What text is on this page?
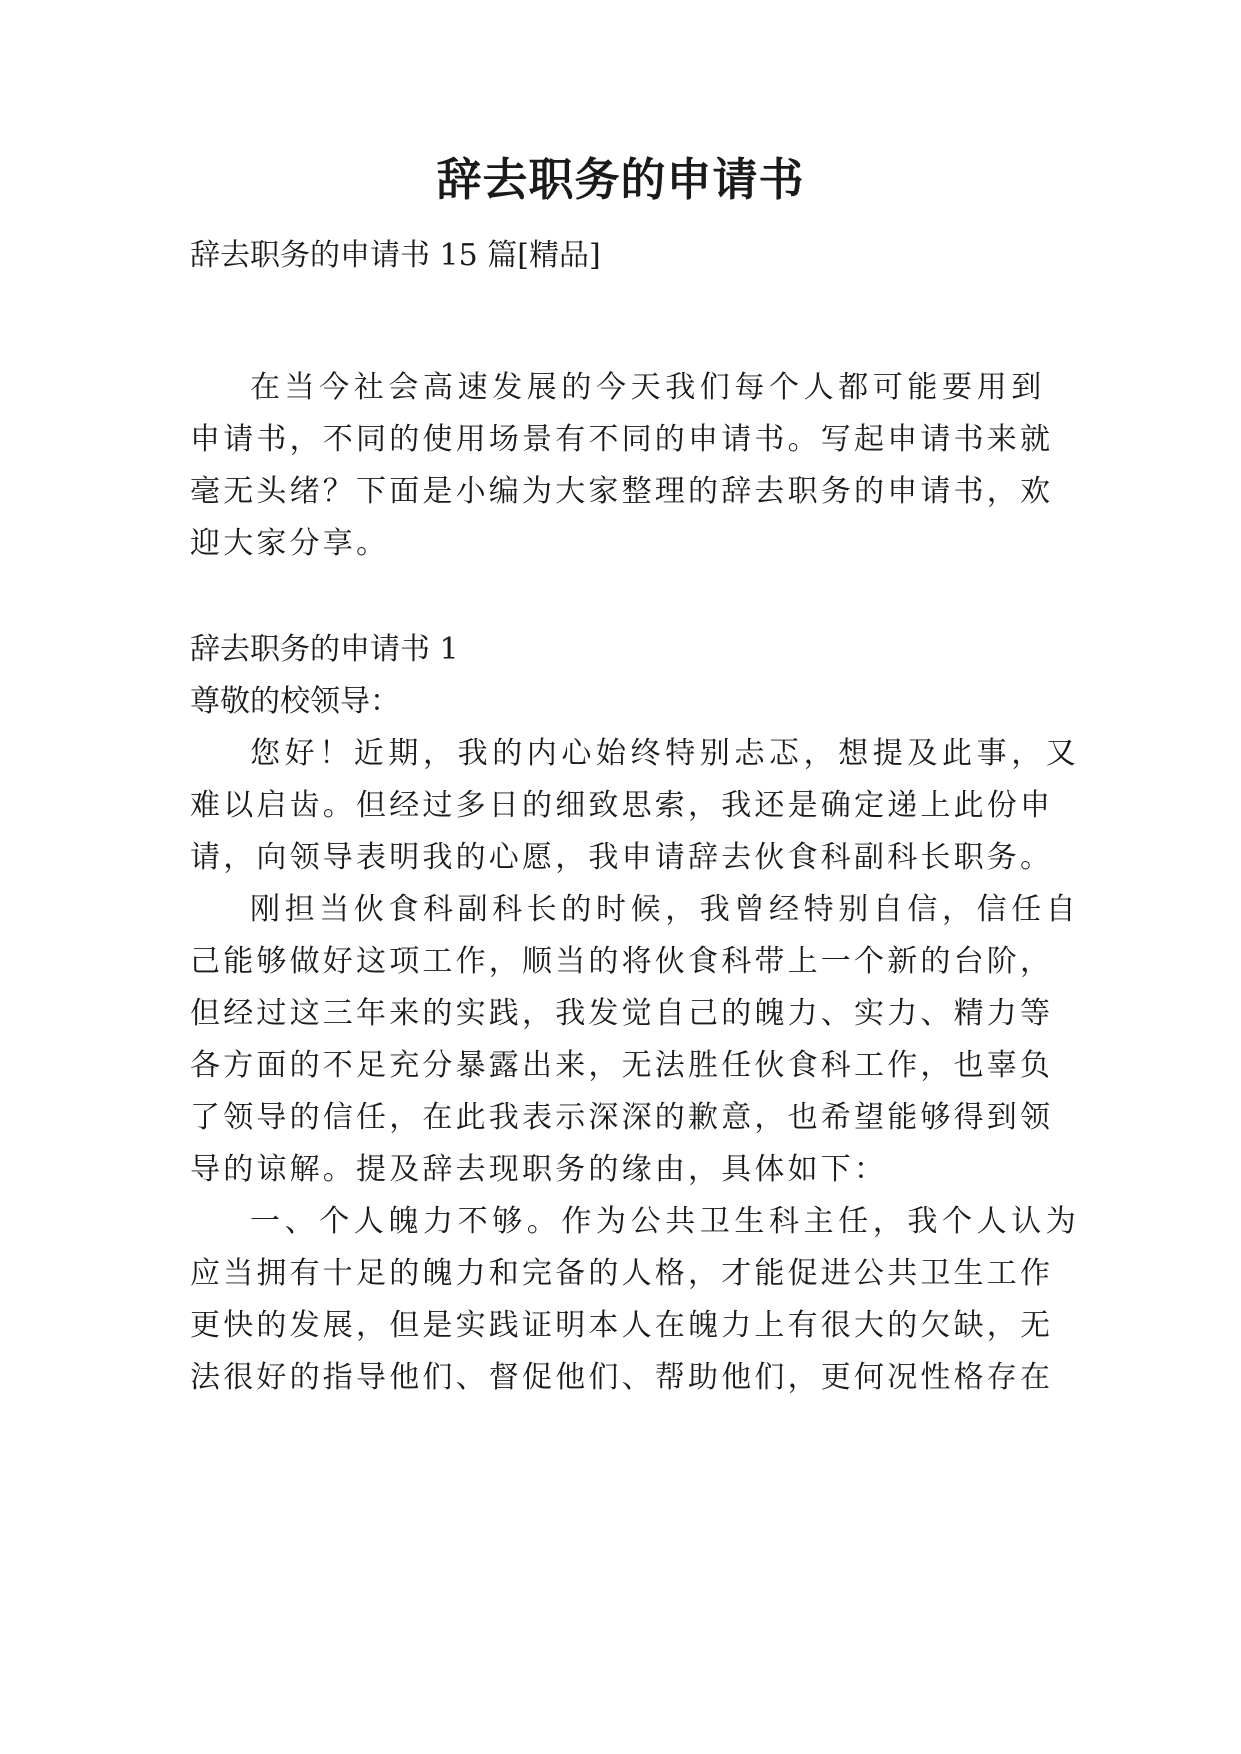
辞去职务的申请书

辞去职务的申请书 15 篇[精品]

在当今社会高速发展的今天我们每个人都可能要用到

申请书，不同的使用场景有不同的申请书。写起申请书来就

毫无头绪？下面是小编为大家整理的辞去职务的申请书，欢

迎大家分享。

辞去职务的申请书 1

尊敬的校领导：

您好！近期，我的内心始终特别忐忑，想提及此事，又

难以启齿。但经过多日的细致思索，我还是确定递上此份申

请，向领导表明我的心愿，我申请辞去伙食科副科长职务。

刚担当伙食科副科长的时候，我曾经特别自信，信任自

己能够做好这项工作，顺当的将伙食科带上一个新的台阶，

但经过这三年来的实践，我发觉自己的魄力、实力、精力等

各方面的不足充分暴露出来，无法胜任伙食科工作，也辜负

了领导的信任，在此我表示深深的歉意，也希望能够得到领

导的谅解。提及辞去现职务的缘由，具体如下：

一、个人魄力不够。作为公共卫生科主任，我个人认为

应当拥有十足的魄力和完备的人格，才能促进公共卫生工作

更快的发展，但是实践证明本人在魄力上有很大的欠缺，无

法很好的指导他们、督促他们、帮助他们，更何况性格存在
